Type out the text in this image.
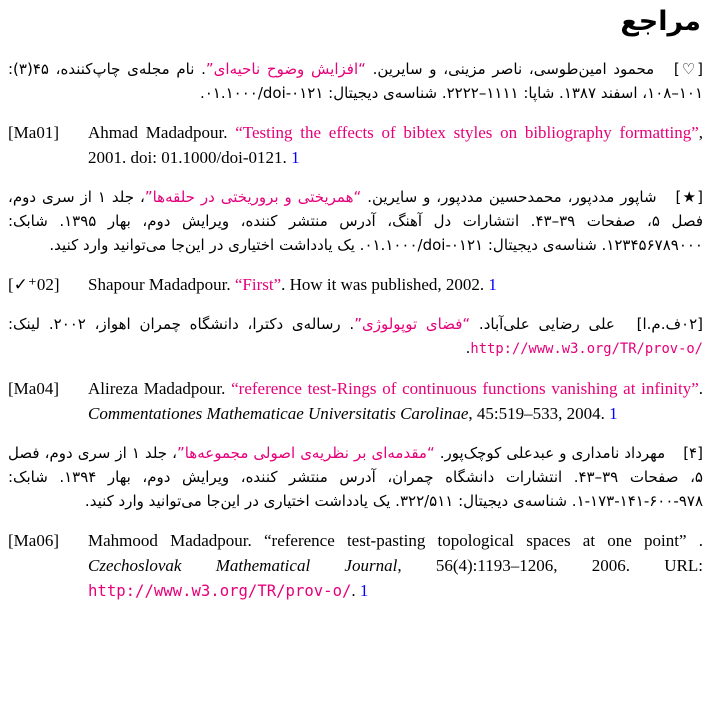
مراجع
[♡] محمود امین‌طوسی، ناصر مزینی، و سایرین. “افزایش وضوح ناحیه‌ای”. نام مجله‌ی چاپ‌کننده، ۴۵(۳): ۱۰۱–۱۰۸، اسفند ۱۳۸۷. شاپا: ۱۱۱۱–۲۲۲۲. شناسه‌ی دیجیتال: ۰۱.۱۰۰۰/doi-۰۱۲۱.
[Ma01] Ahmad Madadpour. “Testing the effects of bibtex styles on bibliography formatting”, 2001. doi: 01.1000/doi-0121. 1
[★] شاپور مددپور، محمدحسین مددپور، و سایرین. “همریختی و بروریختی در حلقه‌ها”، جلد ۱ از سری دوم، فصل ۵، صفحات ۳۹–۴۳. انتشارات دل آهنگ، آدرس منتشر کننده، ویرایش دوم، بهار ۱۳۹۵. شابک: ۱۲۳۴۵۶۷۸۹۰۰۰. شناسه‌ی دیجیتال: ۰۱.۱۰۰۰/doi-۰۱۲۱. یک یادداشت اختیاری در این‌جا می‌توانید وارد کنید.
[✓⁺02] Shapour Madadpour. “First”. How it was published, 2002. 1
[ا.م.ف۰۲] علی رضایی علی‌آباد. “فضای توپولوژی”. رساله‌ی دکترا، دانشگاه چمران اهواز، ۲۰۰۲. لینک: http://www.w3.org/TR/prov-o/.
[Ma04] Alireza Madadpour. “reference test-Rings of continuous functions vanishing at infinity”. Commentationes Mathematicae Universitatis Carolinae, 45:519–533, 2004. 1
[۴] مهرداد نامداری و عبدعلی کوچک‌پور. “مقدمه‌ای بر نظریه‌ی اصولی مجموعه‌ها”، جلد ۱ از سری دوم، فصل ۵، صفحات ۳۹–۴۳. انتشارات دانشگاه چمران، آدرس منتشر کننده، ویرایش دوم، بهار ۱۳۹۴. شابک: ۹۷۸-۶۰۰-۱۴۱-۱۷۳-۱. شناسه‌ی دیجیتال: ۳۲۲/۵۱۱. یک یادداشت اختیاری در این‌جا می‌توانید وارد کنید.
[Ma06] Mahmood Madadpour. “reference test-pasting topological spaces at one point” . Czechoslovak Mathematical Journal, 56(4):1193–1206, 2006. URL: http://www.w3.org/TR/prov-o/. 1
